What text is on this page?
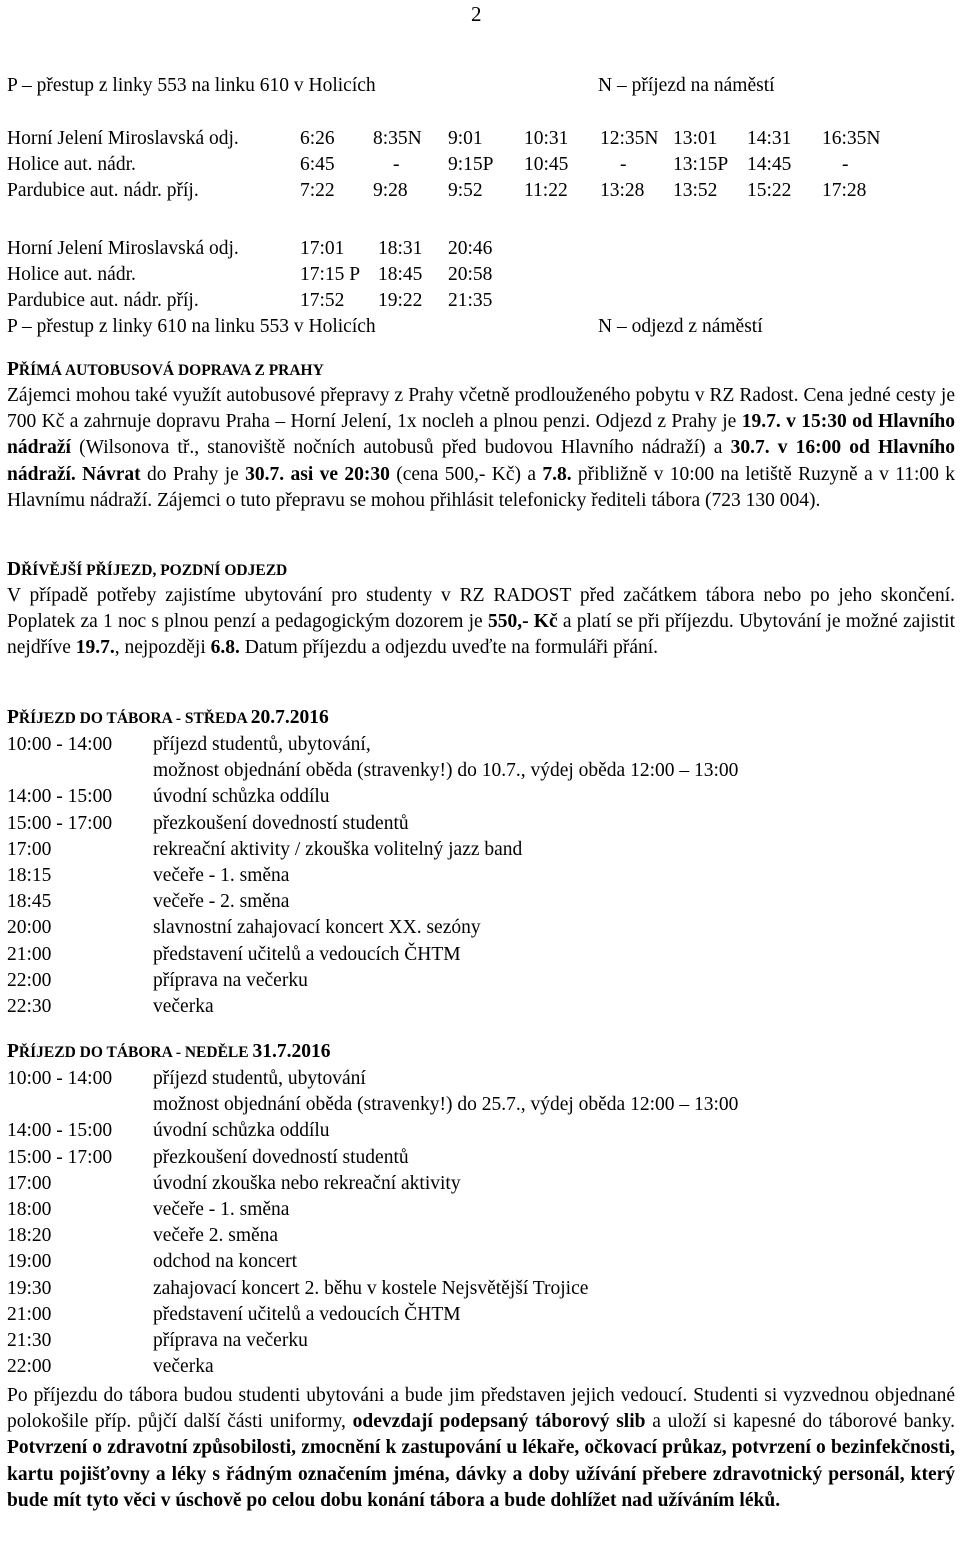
2
P – přestup z linky 553 na linku 610 v Holicích	N – příjezd na náměstí
Horní Jelení Miroslavská odj.	6:26 8:35N 9:01 10:31 12:35N 13:01 14:31 16:35N
Holice aut. nádr.	6:45	- 9:15P 10:45	- 13:15P 14:45	-
Pardubice aut. nádr. příj.	7:22 9:28 9:52 11:22 13:28 13:52 15:22 17:28
Horní Jelení Miroslavská odj.	17:01 18:31 20:46
Holice aut. nádr.	17:15 P 18:45 20:58
Pardubice aut. nádr. příj.	17:52 19:22 21:35
P – přestup z linky 610 na linku 553 v Holicích	N – odjezd z náměstí
PŘÍMÁ AUTOBUSOVÁ DOPRAVA Z PRAHY
Zájemci mohou také využít autobusové přepravy z Prahy včetně prodlouženého pobytu v RZ Radost. Cena jedné cesty je 700 Kč a zahrnuje dopravu Praha – Horní Jelení, 1x nocleh a plnou penzi. Odjezd z Prahy je 19.7. v 15:30 od Hlavního nádraží (Wilsonova tř., stanoviště nočních autobusů před budovou Hlavního nádraží) a 30.7. v 16:00 od Hlavního nádraží. Návrat do Prahy je 30.7. asi ve 20:30 (cena 500,- Kč) a 7.8. přibližně v 10:00 na letiště Ruzyně a v 11:00 k Hlavnímu nádraží. Zájemci o tuto přepravu se mohou přihlásit telefonicky řediteli tábora (723 130 004).
DŘÍVĚJŠÍ PŘÍJEZD, POZDNÍ ODJEZD
V případě potřeby zajistíme ubytování pro studenty v RZ RADOST před začátkem tábora nebo po jeho skončení. Poplatek za 1 noc s plnou penzí a pedagogickým dozorem je 550,- Kč a platí se při příjezdu. Ubytování je možné zajistit nejdříve 19.7., nejpozději 6.8. Datum příjezdu a odjezdu uveďte na formuláři přání.
PŘÍJEZD DO TÁBORA - STŘEDA 20.7.2016
10:00 - 14:00	příjezd studentů, ubytování,
možnost objednání oběda (stravenky!) do 10.7., výdej oběda 12:00 – 13:00
14:00 - 15:00	úvodní schůzka oddílu
15:00 - 17:00	přezkoušení dovedností studentů
17:00	rekreační aktivity / zkouška volitelný jazz band
18:15	večeře - 1. směna
18:45	večeře - 2. směna
20:00	slavnostní zahajovací koncert XX. sezóny
21:00	představení učitelů a vedoucích ČHTM
22:00	příprava na večerku
22:30	večerka
PŘÍJEZD DO TÁBORA - NEDĚLE 31.7.2016
10:00 - 14:00	příjezd studentů, ubytování
možnost objednání oběda (stravenky!) do 25.7., výdej oběda 12:00 – 13:00
14:00 - 15:00	úvodní schůzka oddílu
15:00 - 17:00	přezkoušení dovedností studentů
17:00	úvodní zkouška nebo rekreační aktivity
18:00	večeře - 1. směna
18:20	večeře 2. směna
19:00	odchod na koncert
19:30	zahajovací koncert 2. běhu v kostele Nejsvětější Trojice
21:00	představení učitelů a vedoucích ČHTM
21:30	příprava na večerku
22:00	večerka
Po příjezdu do tábora budou studenti ubytováni a bude jim představen jejich vedoucí. Studenti si vyzvednou objednané polokošile příp. půjčí další části uniformy, odevzdají podepsaný táborový slib a uloží si kapesné do táborové banky. Potvrzení o zdravotní způsobilosti, zmocnění k zastupování u lékaře, očkovací průkaz, potvrzení o bezinfekčnosti, kartu pojišťovny a léky s řádným označením jména, dávky a doby užívání přebere zdravotnický personál, který bude mít tyto věci v úschově po celou dobu konání tábora a bude dohlížet nad užíváním léků.
